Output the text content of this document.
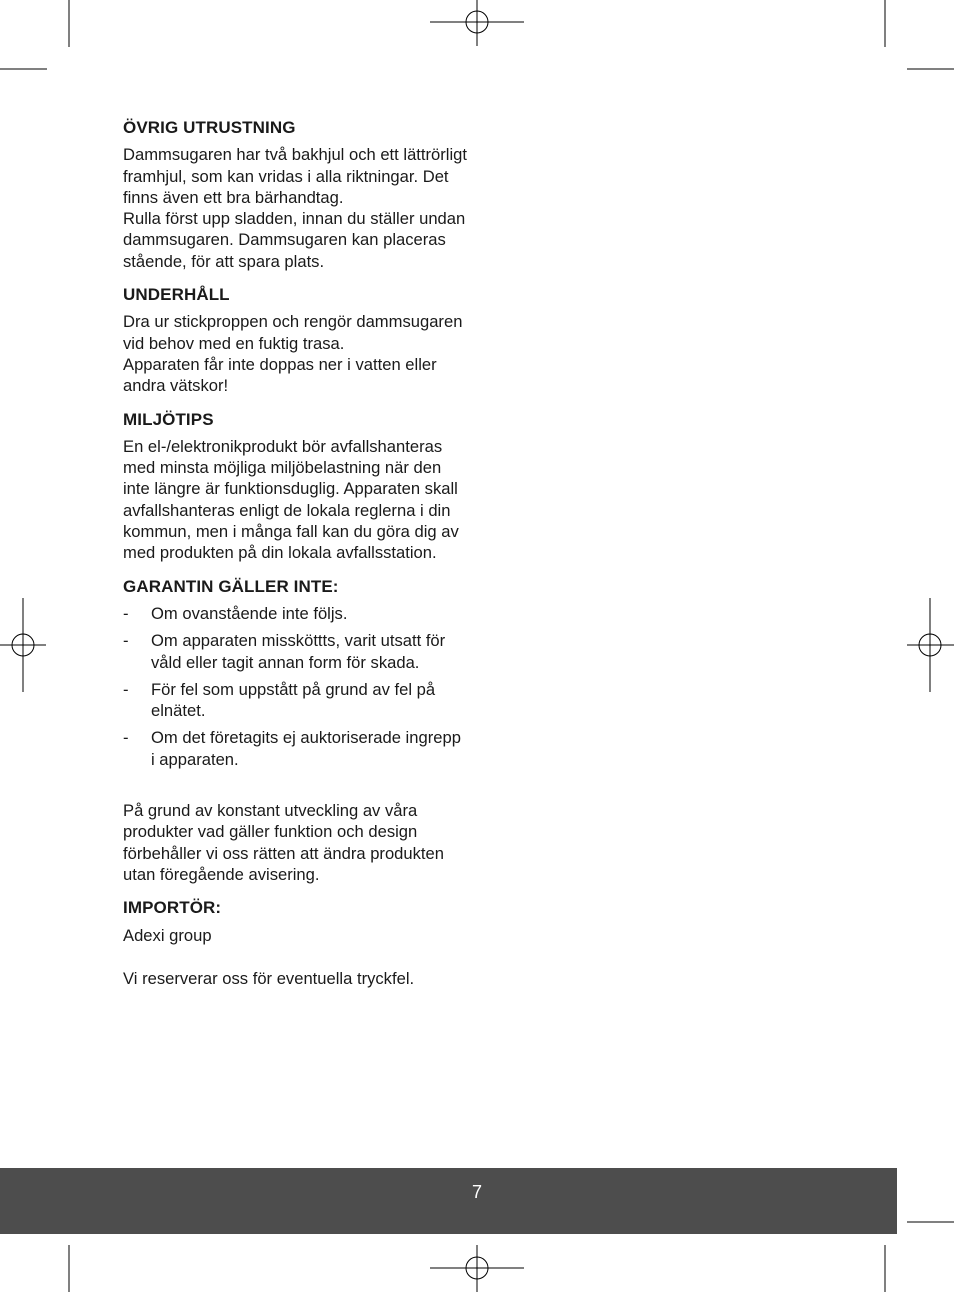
ÖVRIG UTRUSTNING

Dammsugaren har två bakhjul och ett lättrörligt framhjul, som kan vridas i alla riktningar. Det finns även ett bra bärhandtag.

Rulla först upp sladden, innan du ställer undan dammsugaren. Dammsugaren kan placeras stående, för att spara plats.

UNDERHÅLL

Dra ur stickproppen och rengör dammsugaren vid behov med en fuktig trasa.

Apparaten får inte doppas ner i vatten eller andra vätskor!

MILJÖTIPS

En el-/elektronikprodukt bör avfallshanteras med minsta möjliga miljöbelastning när den inte längre är funktionsduglig. Apparaten skall avfallshanteras enligt de lokala reglerna i din kommun, men i många fall kan du göra dig av med produkten på din lokala avfallsstation.

GARANTIN GÄLLER INTE:
- Om ovanstående inte följs.
- Om apparaten missköttts, varit utsatt för våld eller tagit annan form för skada.
- För fel som uppstått på grund av fel på elnätet.
- Om det företagits ej auktoriserade ingrepp i apparaten.

På grund av konstant utveckling av våra produkter vad gäller funktion och design förbehåller vi oss rätten att ändra produkten utan föregående avisering.

IMPORTÖR:

Adexi group

Vi reserverar oss för eventuella tryckfel.

7
